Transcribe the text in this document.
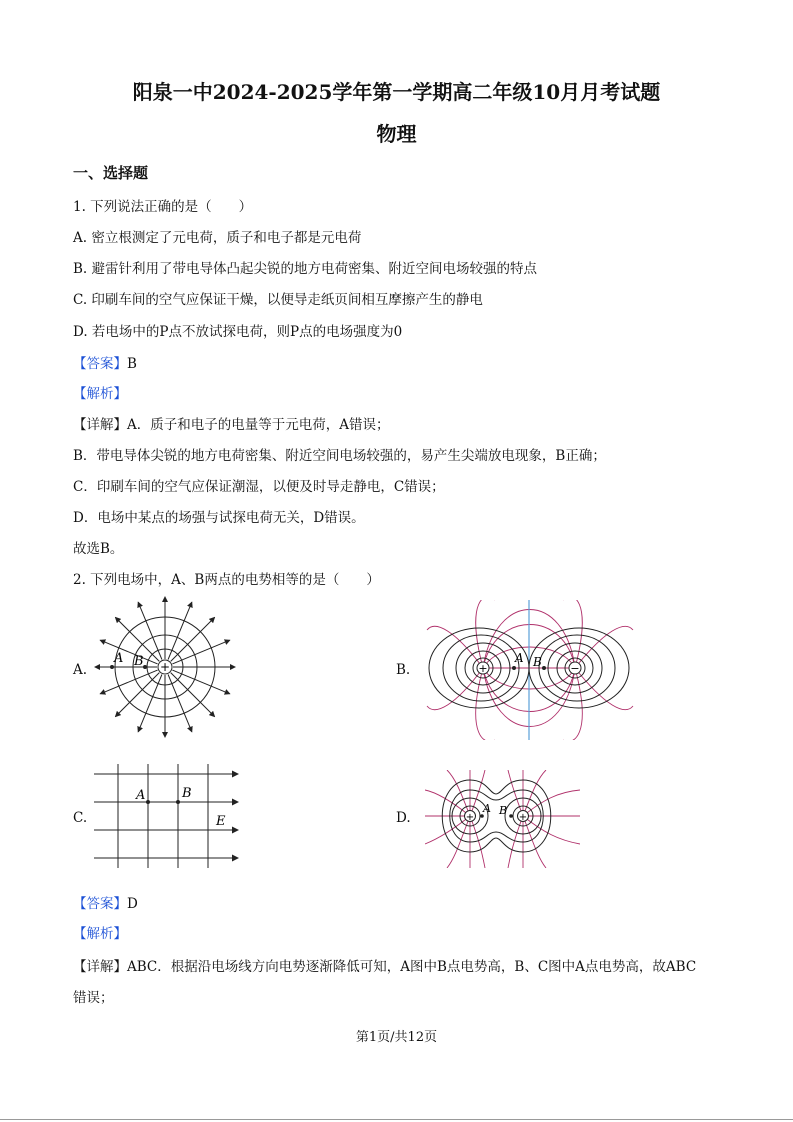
阳泉一中2024-2025学年第一学期高二年级10月月考试题
物理
一、选择题
1. 下列说法正确的是（　　）
A. 密立根测定了元电荷，质子和电子都是元电荷
B. 避雷针利用了带电导体凸起尖锐的地方电荷密集、附近空间电场较强的特点
C. 印刷车间的空气应保证干燥，以便导走纸页间相互摩擦产生的静电
D. 若电场中的P点不放试探电荷，则P点的电场强度为0
【答案】B
【解析】
【详解】A．质子和电子的电量等于元电荷，A错误；
B．带电导体尖锐的地方电荷密集、附近空间电场较强的，易产生尖端放电现象，B正确；
C．印刷车间的空气应保证潮湿，以便及时导走静电，C错误；
D．电场中某点的场强与试探电荷无关，D错误。
故选B。
2. 下列电场中，A、B两点的电势相等的是（　　）
A.	B.
C.	D.
+
A B	+	−
A B
A	B
E	+	+
A B
【答案】D
【解析】
【详解】ABC．根据沿电场线方向电势逐渐降低可知，A图中B点电势高，B、C图中A点电势高，故ABC
错误；
第1页/共12页
